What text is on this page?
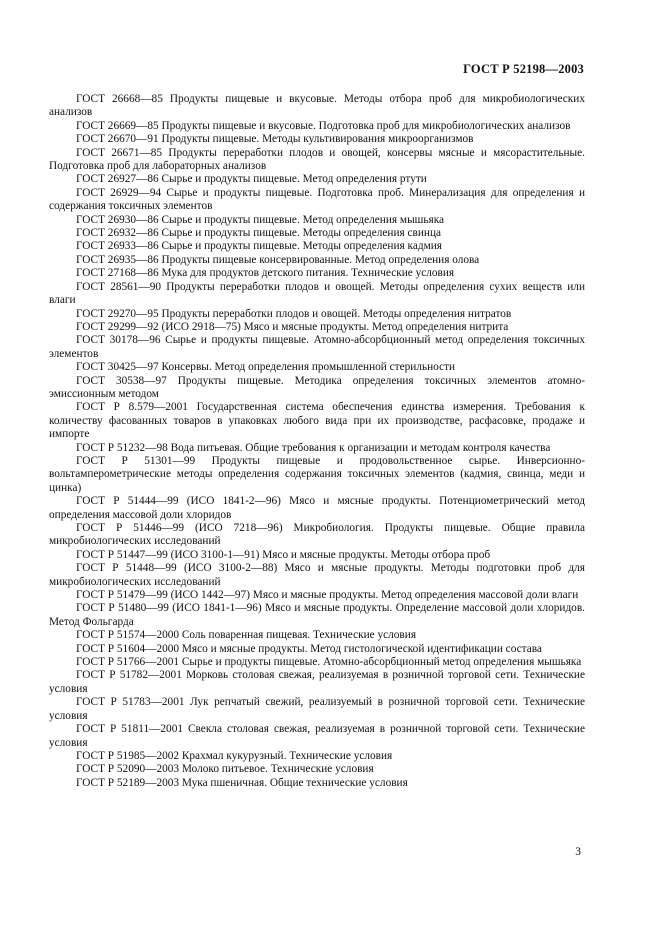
ГОСТ Р 52198—2003
ГОСТ 26668—85 Продукты пищевые и вкусовые. Методы отбора проб для микробиологических анализов
ГОСТ 26669—85 Продукты пищевые и вкусовые. Подготовка проб для микробиологических анализов
ГОСТ 26670—91 Продукты пищевые. Методы культивирования микроорганизмов
ГОСТ 26671—85 Продукты переработки плодов и овощей, консервы мясные и мясорастительные. Подготовка проб для лабораторных анализов
ГОСТ 26927—86 Сырье и продукты пищевые. Метод определения ртути
ГОСТ 26929—94 Сырье и продукты пищевые. Подготовка проб. Минерализация для определения и содержания токсичных элементов
ГОСТ 26930—86 Сырье и продукты пищевые. Метод определения мышьяка
ГОСТ 26932—86 Сырье и продукты пищевые. Методы определения свинца
ГОСТ 26933—86 Сырье и продукты пищевые. Методы определения кадмия
ГОСТ 26935—86 Продукты пищевые консервированные. Метод определения олова
ГОСТ 27168—86 Мука для продуктов детского питания. Технические условия
ГОСТ 28561—90 Продукты переработки плодов и овощей. Методы определения сухих веществ или влаги
ГОСТ 29270—95 Продукты переработки плодов и овощей. Методы определения нитратов
ГОСТ 29299—92 (ИСО 2918—75) Мясо и мясные продукты. Метод определения нитрита
ГОСТ 30178—96 Сырье и продукты пищевые. Атомно-абсорбционный метод определения токсичных элементов
ГОСТ 30425—97 Консервы. Метод определения промышленной стерильности
ГОСТ 30538—97 Продукты пищевые. Методика определения токсичных элементов атомно-эмиссионным методом
ГОСТ Р 8.579—2001 Государственная система обеспечения единства измерения. Требования к количеству фасованных товаров в упаковках любого вида при их производстве, расфасовке, продаже и импорте
ГОСТ Р 51232—98 Вода питьевая. Общие требования к организации и методам контроля качества
ГОСТ Р 51301—99 Продукты пищевые и продовольственное сырье. Инверсионно-вольтамперометрические методы определения содержания токсичных элементов (кадмия, свинца, меди и цинка)
ГОСТ Р 51444—99 (ИСО 1841-2—96) Мясо и мясные продукты. Потенциометрический метод определения массовой доли хлоридов
ГОСТ Р 51446—99 (ИСО 7218—96) Микробиология. Продукты пищевые. Общие правила микробиологических исследований
ГОСТ Р 51447—99 (ИСО 3100-1—91) Мясо и мясные продукты. Методы отбора проб
ГОСТ Р 51448—99 (ИСО 3100-2—88) Мясо и мясные продукты. Методы подготовки проб для микробиологических исследований
ГОСТ Р 51479—99 (ИСО 1442—97) Мясо и мясные продукты. Метод определения массовой доли влаги
ГОСТ Р 51480—99 (ИСО 1841-1—96) Мясо и мясные продукты. Определение массовой доли хлоридов. Метод Фольгарда
ГОСТ Р 51574—2000 Соль поваренная пищевая. Технические условия
ГОСТ Р 51604—2000 Мясо и мясные продукты. Метод гистологической идентификации состава
ГОСТ Р 51766—2001 Сырье и продукты пищевые. Атомно-абсорбционный метод определения мышьяка
ГОСТ Р 51782—2001 Морковь столовая свежая, реализуемая в розничной торговой сети. Технические условия
ГОСТ Р 51783—2001 Лук репчатый свежий, реализуемый в розничной торговой сети. Технические условия
ГОСТ Р 51811—2001 Свекла столовая свежая, реализуемая в розничной торговой сети. Технические условия
ГОСТ Р 51985—2002 Крахмал кукурузный. Технические условия
ГОСТ Р 52090—2003 Молоко питьевое. Технические условия
ГОСТ Р 52189—2003 Мука пшеничная. Общие технические условия
3
